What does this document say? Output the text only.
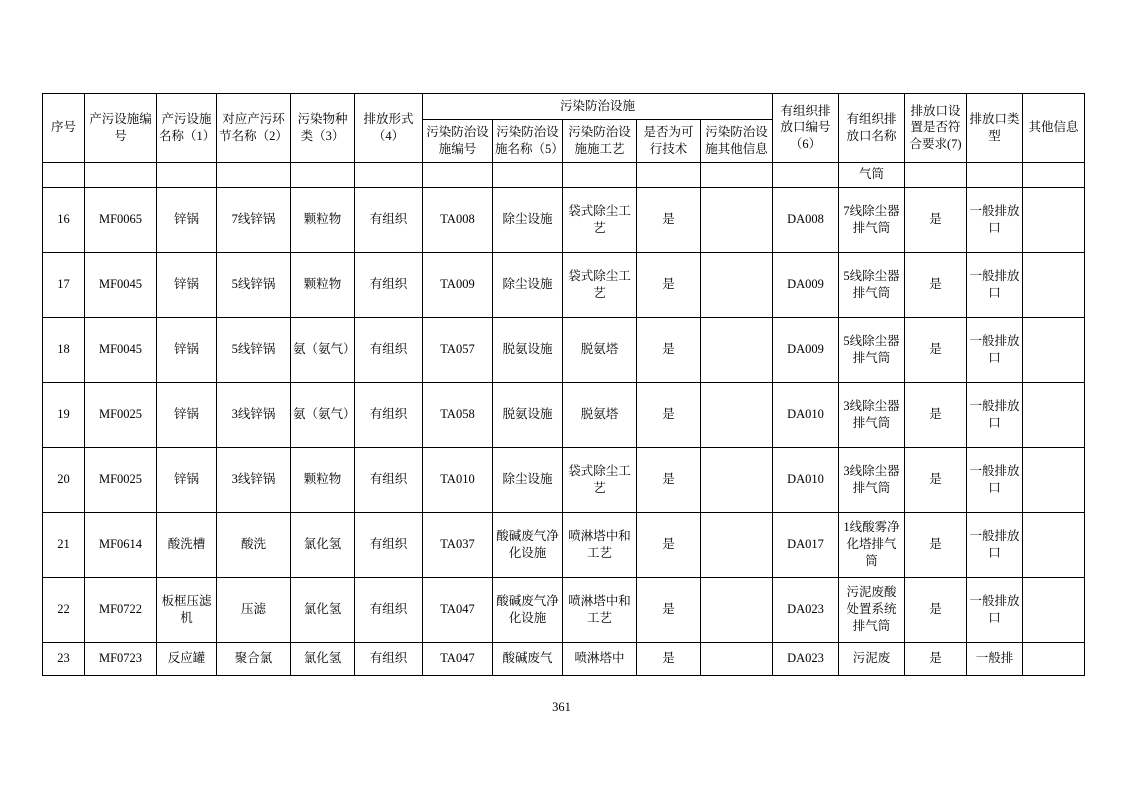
序号	产污设施编号	产污设施名称（1）	对应产污环节名称（2）	污染物种类（3）	排放形式（4）	污染防治设施					有组织排放口编号（6）	有组织排放口名称	排放口设置是否符合要求(7)	排放口类型	其他信息
						污染防治设施编号	污染防治设施名称（5）	污染防治设施施工艺	是否为可行技术	污染防治设施其他信息					
												气筒			
16	MF0065	锌锅	7线锌锅	颗粒物	有组织	TA008	除尘设施	袋式除尘工艺	是		DA008	7线除尘器排气筒	是	一般排放口	
17	MF0045	锌锅	5线锌锅	颗粒物	有组织	TA009	除尘设施	袋式除尘工艺	是		DA009	5线除尘器排气筒	是	一般排放口	
18	MF0045	锌锅	5线锌锅	氨（氨气）	有组织	TA057	脱氨设施	脱氨塔	是		DA009	5线除尘器排气筒	是	一般排放口	
19	MF0025	锌锅	3线锌锅	氨（氨气）	有组织	TA058	脱氨设施	脱氨塔	是		DA010	3线除尘器排气筒	是	一般排放口	
20	MF0025	锌锅	3线锌锅	颗粒物	有组织	TA010	除尘设施	袋式除尘工艺	是		DA010	3线除尘器排气筒	是	一般排放口	
21	MF0614	酸洗槽	酸洗	氯化氢	有组织	TA037	酸碱废气净化设施	喷淋塔中和工艺	是		DA017	1线酸雾净化塔排气筒	是	一般排放口	
22	MF0722	板框压滤机	压滤	氯化氢	有组织	TA047	酸碱废气净化设施	喷淋塔中和工艺	是		DA023	污泥废酸处置系统排气筒	是	一般排放口	
23	MF0723	反应罐	聚合氯	氯化氢	有组织	TA047	酸碱废气	喷淋塔中	是		DA023	污泥废	是	一般排	
361
